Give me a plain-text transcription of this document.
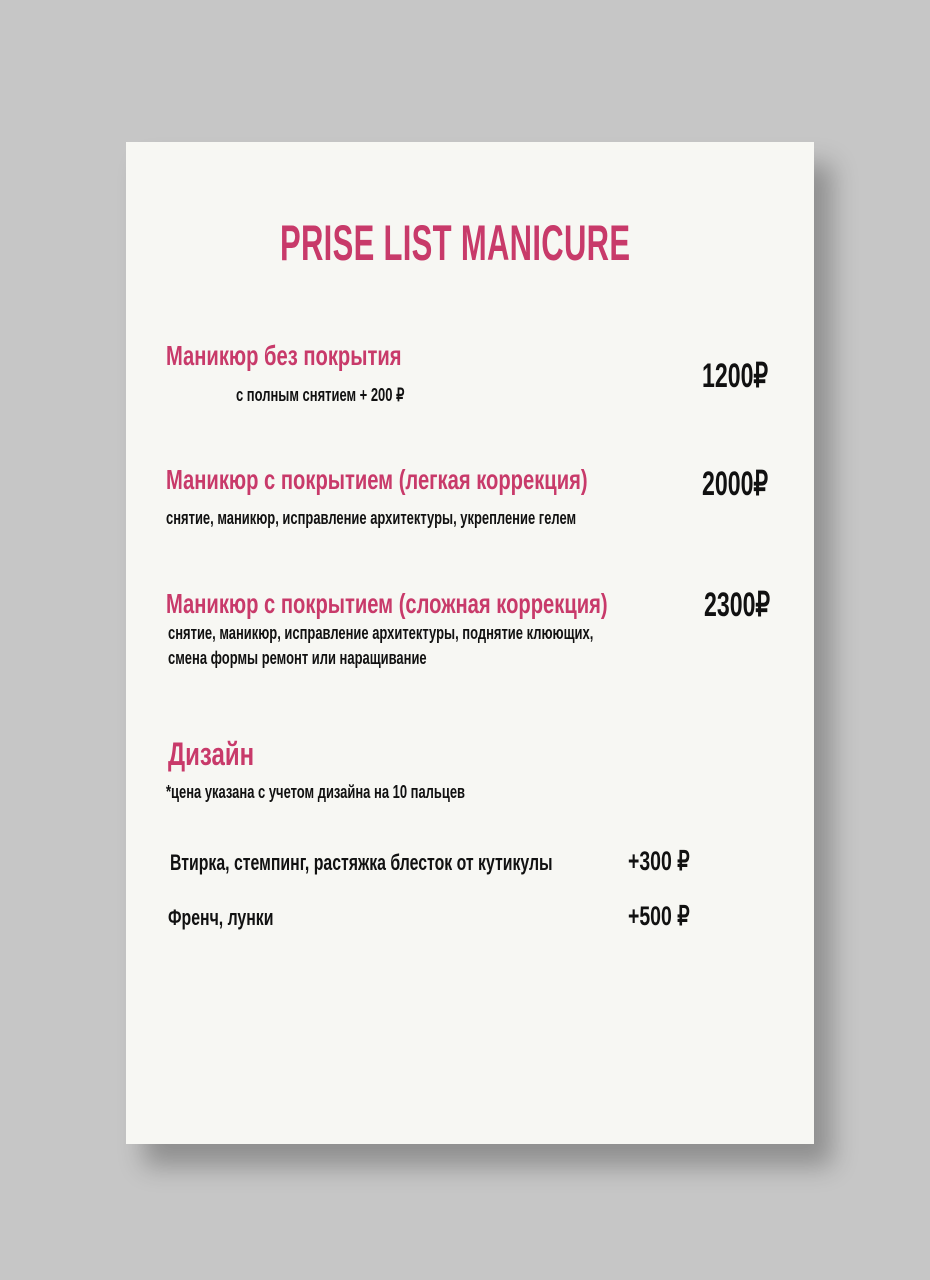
PRISE LIST MANICURE
Маникюр без покрытия
с полным снятием + 200 ₽	1200₽
Маникюр с покрытием (легкая коррекция)
снятие, маникюр, исправление архитектуры, укрепление гелем
2000₽
Маникюр с покрытием (сложная коррекция)
снятие, маникюр, исправление архитектуры, поднятие клюющих,
смена формы ремонт или наращивание
2300₽
Дизайн
*цена указана с учетом дизайна на 10 пальцев
Втирка, стемпинг, растяжка блесток от кутикулы	+300 ₽
Френч, лунки	+500 ₽
